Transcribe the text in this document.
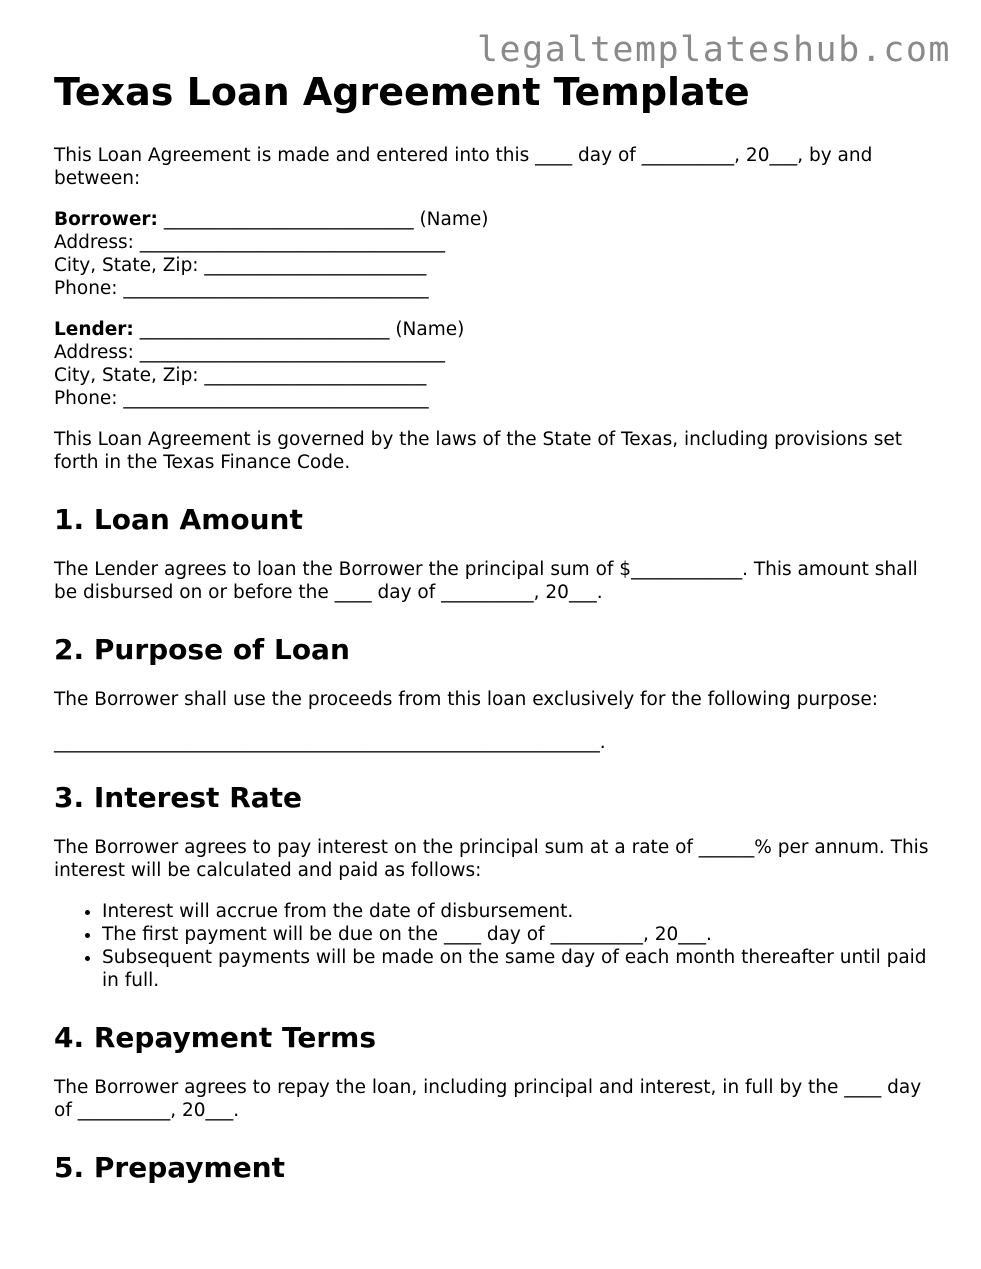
legaltemplateshub.com
Texas Loan Agreement Template

This Loan Agreement is made and entered into this ____ day of __________, 20___, by and between:

Borrower: ___________________________ (Name)
Address: _________________________________
City, State, Zip: ________________________
Phone: _________________________________
Lender: ___________________________ (Name)
Address: _________________________________
City, State, Zip: ________________________
Phone: _________________________________

This Loan Agreement is governed by the laws of the State of Texas, including provisions set forth in the Texas Finance Code.

1. Loan Amount

The Lender agrees to loan the Borrower the principal sum of $____________. This amount shall be disbursed on or before the ____ day of __________, 20___.

2. Purpose of Loan

The Borrower shall use the proceeds from this loan exclusively for the following purpose:

___________________________________________________________.
3. Interest Rate

The Borrower agrees to pay interest on the principal sum at a rate of ______% per annum. This interest will be calculated and paid as follows:

• Interest will accrue from the date of disbursement.
• The first payment will be due on the ____ day of __________, 20___.
• Subsequent payments will be made on the same day of each month thereafter until paid in full.
4. Repayment Terms

The Borrower agrees to repay the loan, including principal and interest, in full by the ____ day of __________, 20___.

5. Prepayment
